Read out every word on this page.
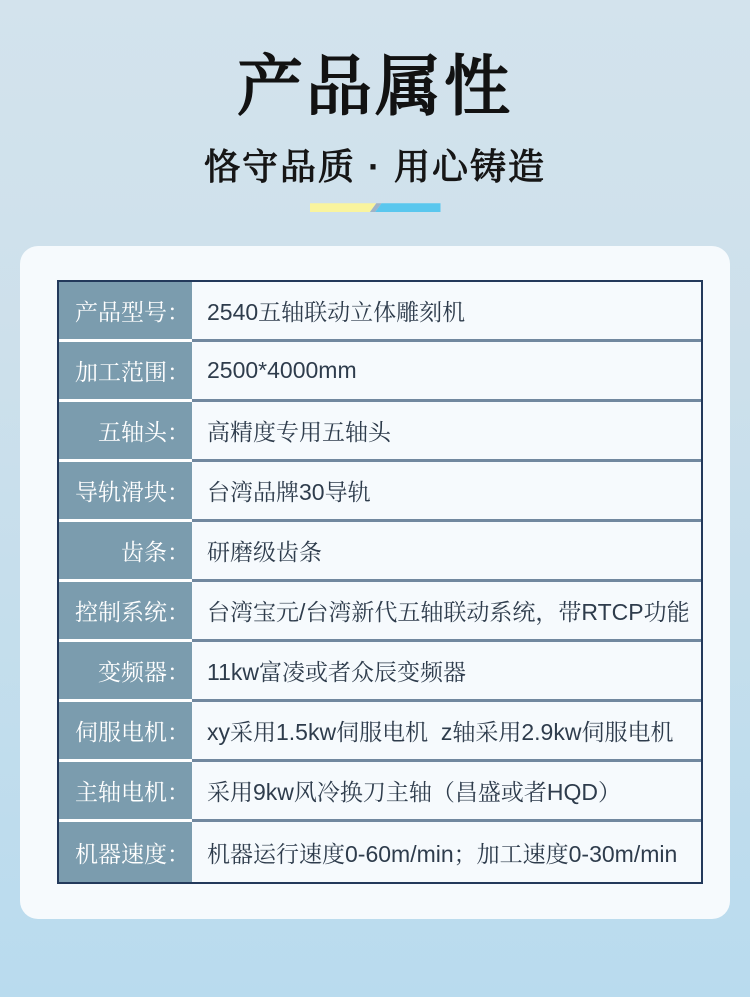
产品属性
恪守品质 · 用心铸造
产品型号： 2540五轴联动立体雕刻机
加工范围： 2500*4000mm
五轴头： 高精度专用五轴头
导轨滑块： 台湾品牌30导轨
齿条： 研磨级齿条
控制系统： 台湾宝元/台湾新代五轴联动系统，带RTCP功能
变频器： 11kw富凌或者众辰变频器
伺服电机： xy采用1.5kw伺服电机  z轴采用2.9kw伺服电机
主轴电机： 采用9kw风冷换刀主轴（昌盛或者HQD）
机器速度： 机器运行速度0-60m/min；加工速度0-30m/min
